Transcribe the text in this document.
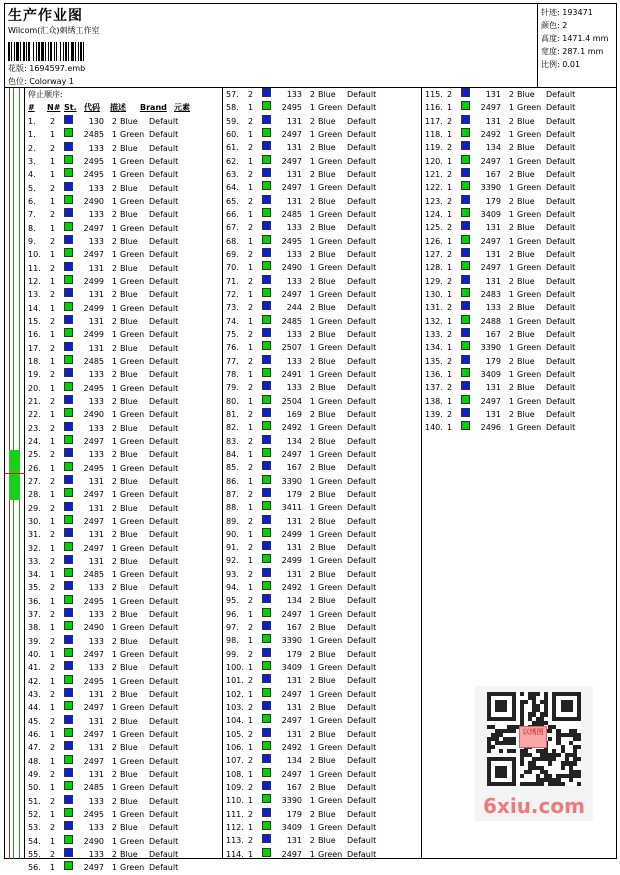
生产作业图
Wilcom(汇众)刺绣工作室
花版: 1694597.emb
色位: Colorway 1
针迹: 193471
颜色: 2
高度: 1471.4 mm
宽度: 287.1 mm
比例: 0.01
停止顺序:
#	N# St. 代码	描述	Brand 元素
1.	2	130 2 Blue	Default
1.	1	2485 1 Green Default
2.	2	133 2 Blue	Default
3.	1	2495 1 Green Default
4.	1	2495 1 Green Default
5.	2	133 2 Blue	Default
6.	1	2490 1 Green Default
7.	2	133 2 Blue	Default
8.	1	2497 1 Green Default
9.	2	133 2 Blue	Default
10.	1	2497 1 Green Default
11.	2	131 2 Blue	Default
12.	1	2499 1 Green Default
13.	2	131 2 Blue	Default
14.	1	2499 1 Green Default
15.	2	131 2 Blue	Default
16.	1	2499 1 Green Default
17.	2	131 2 Blue	Default
18.	1	2485 1 Green Default
19.	2	133 2 Blue	Default
20.	1	2495 1 Green Default
21.	2	133 2 Blue	Default
22.	1	2490 1 Green Default
23.	2	133 2 Blue	Default
24.	1	2497 1 Green Default
25.	2	133 2 Blue	Default
26.	1	2495 1 Green Default
27.	2	131 2 Blue	Default
28.	1	2497 1 Green Default
29.	2	131 2 Blue	Default
30.	1	2497 1 Green Default
31.	2	131 2 Blue	Default
32.	1	2497 1 Green Default
33.	2	131 2 Blue	Default
34.	1	2485 1 Green Default
35.	2	133 2 Blue	Default
36.	1	2495 1 Green Default
37.	2	133 2 Blue	Default
38.	1	2490 1 Green Default
39.	2	133 2 Blue	Default
40.	1	2497 1 Green Default
41.	2	133 2 Blue	Default
42.	1	2495 1 Green Default
43.	2	131 2 Blue	Default
44.	1	2497 1 Green Default
45.	2	131 2 Blue	Default
46.	1	2497 1 Green Default
47.	2	131 2 Blue	Default
48.	1	2497 1 Green Default
49.	2	131 2 Blue	Default
50.	1	2485 1 Green Default
51.	2	133 2 Blue	Default
52.	1	2495 1 Green Default
53.	2	133 2 Blue	Default
54.	1	2490 1 Green Default
55.	2	133 2 Blue	Default
56.	1	2497 1 Green Default
57.	2	133 2 Blue	Default
58.	1	2495 1 Green Default
59.	2	131 2 Blue	Default
60.	1	2497 1 Green Default
61.	2	131 2 Blue	Default
62.	1	2497 1 Green Default
63.	2	131 2 Blue	Default
64.	1	2497 1 Green Default
65.	2	131 2 Blue	Default
66.	1	2485 1 Green Default
67.	2	133 2 Blue	Default
68.	1	2495 1 Green Default
69.	2	133 2 Blue	Default
70.	1	2490 1 Green Default
71.	2	133 2 Blue	Default
72.	1	2497 1 Green Default
73.	2	244 2 Blue	Default
74.	1	2485 1 Green Default
75.	2	133 2 Blue	Default
76.	1	2507 1 Green Default
77.	2	133 2 Blue	Default
78.	1	2491 1 Green Default
79.	2	133 2 Blue	Default
80.	1	2504 1 Green Default
81.	2	169 2 Blue	Default
82.	1	2492 1 Green Default
83.	2	134 2 Blue	Default
84.	1	2497 1 Green Default
85.	2	167 2 Blue	Default
86.	1	3390 1 Green Default
87.	2	179 2 Blue	Default
88.	1	3411 1 Green Default
89.	2	131 2 Blue	Default
90.	1	2499 1 Green Default
91.	2	131 2 Blue	Default
92.	1	2499 1 Green Default
93.	2	131 2 Blue	Default
94.	1	2492 1 Green Default
95.	2	134 2 Blue	Default
96.	1	2497 1 Green Default
97.	2	167 2 Blue	Default
98.	1	3390 1 Green Default
99.	2	179 2 Blue	Default
100. 1	3409 1 Green Default
101. 2	131 2 Blue	Default
102. 1	2497 1 Green Default
103. 2	131 2 Blue	Default
104. 1	2497 1 Green Default
105. 2	131 2 Blue	Default
106. 1	2492 1 Green Default
107. 2	134 2 Blue	Default
108. 1	2497 1 Green Default
109. 2	167 2 Blue	Default
110. 1	3390 1 Green Default
111. 2	179 2 Blue	Default
112. 1	3409 1 Green Default
113. 2	131 2 Blue	Default
114. 1	2497 1 Green Default
115. 2	131 2 Blue	Default
116. 1	2497 1 Green Default
117. 2	131 2 Blue	Default
118. 1	2492 1 Green Default
119. 2	134 2 Blue	Default
120. 1	2497 1 Green Default
121. 2	167 2 Blue	Default
122. 1	3390 1 Green Default
123. 2	179 2 Blue	Default
124. 1	3409 1 Green Default
125. 2	131 2 Blue	Default
126. 1	2497 1 Green Default
127. 2	131 2 Blue	Default
128. 1	2497 1 Green Default
129. 2	131 2 Blue	Default
130. 1	2483 1 Green Default
131. 2	133 2 Blue	Default
132. 1	2488 1 Green Default
133. 2	167 2 Blue	Default
134. 1	3390 1 Green Default
135. 2	179 2 Blue	Default
136. 1	3409 1 Green Default
137. 2	131 2 Blue	Default
138. 1	2497 1 Green Default
139. 2	131 2 Blue	Default
140. 1	2496 1 Green Default
以绣图
6xiu.com
